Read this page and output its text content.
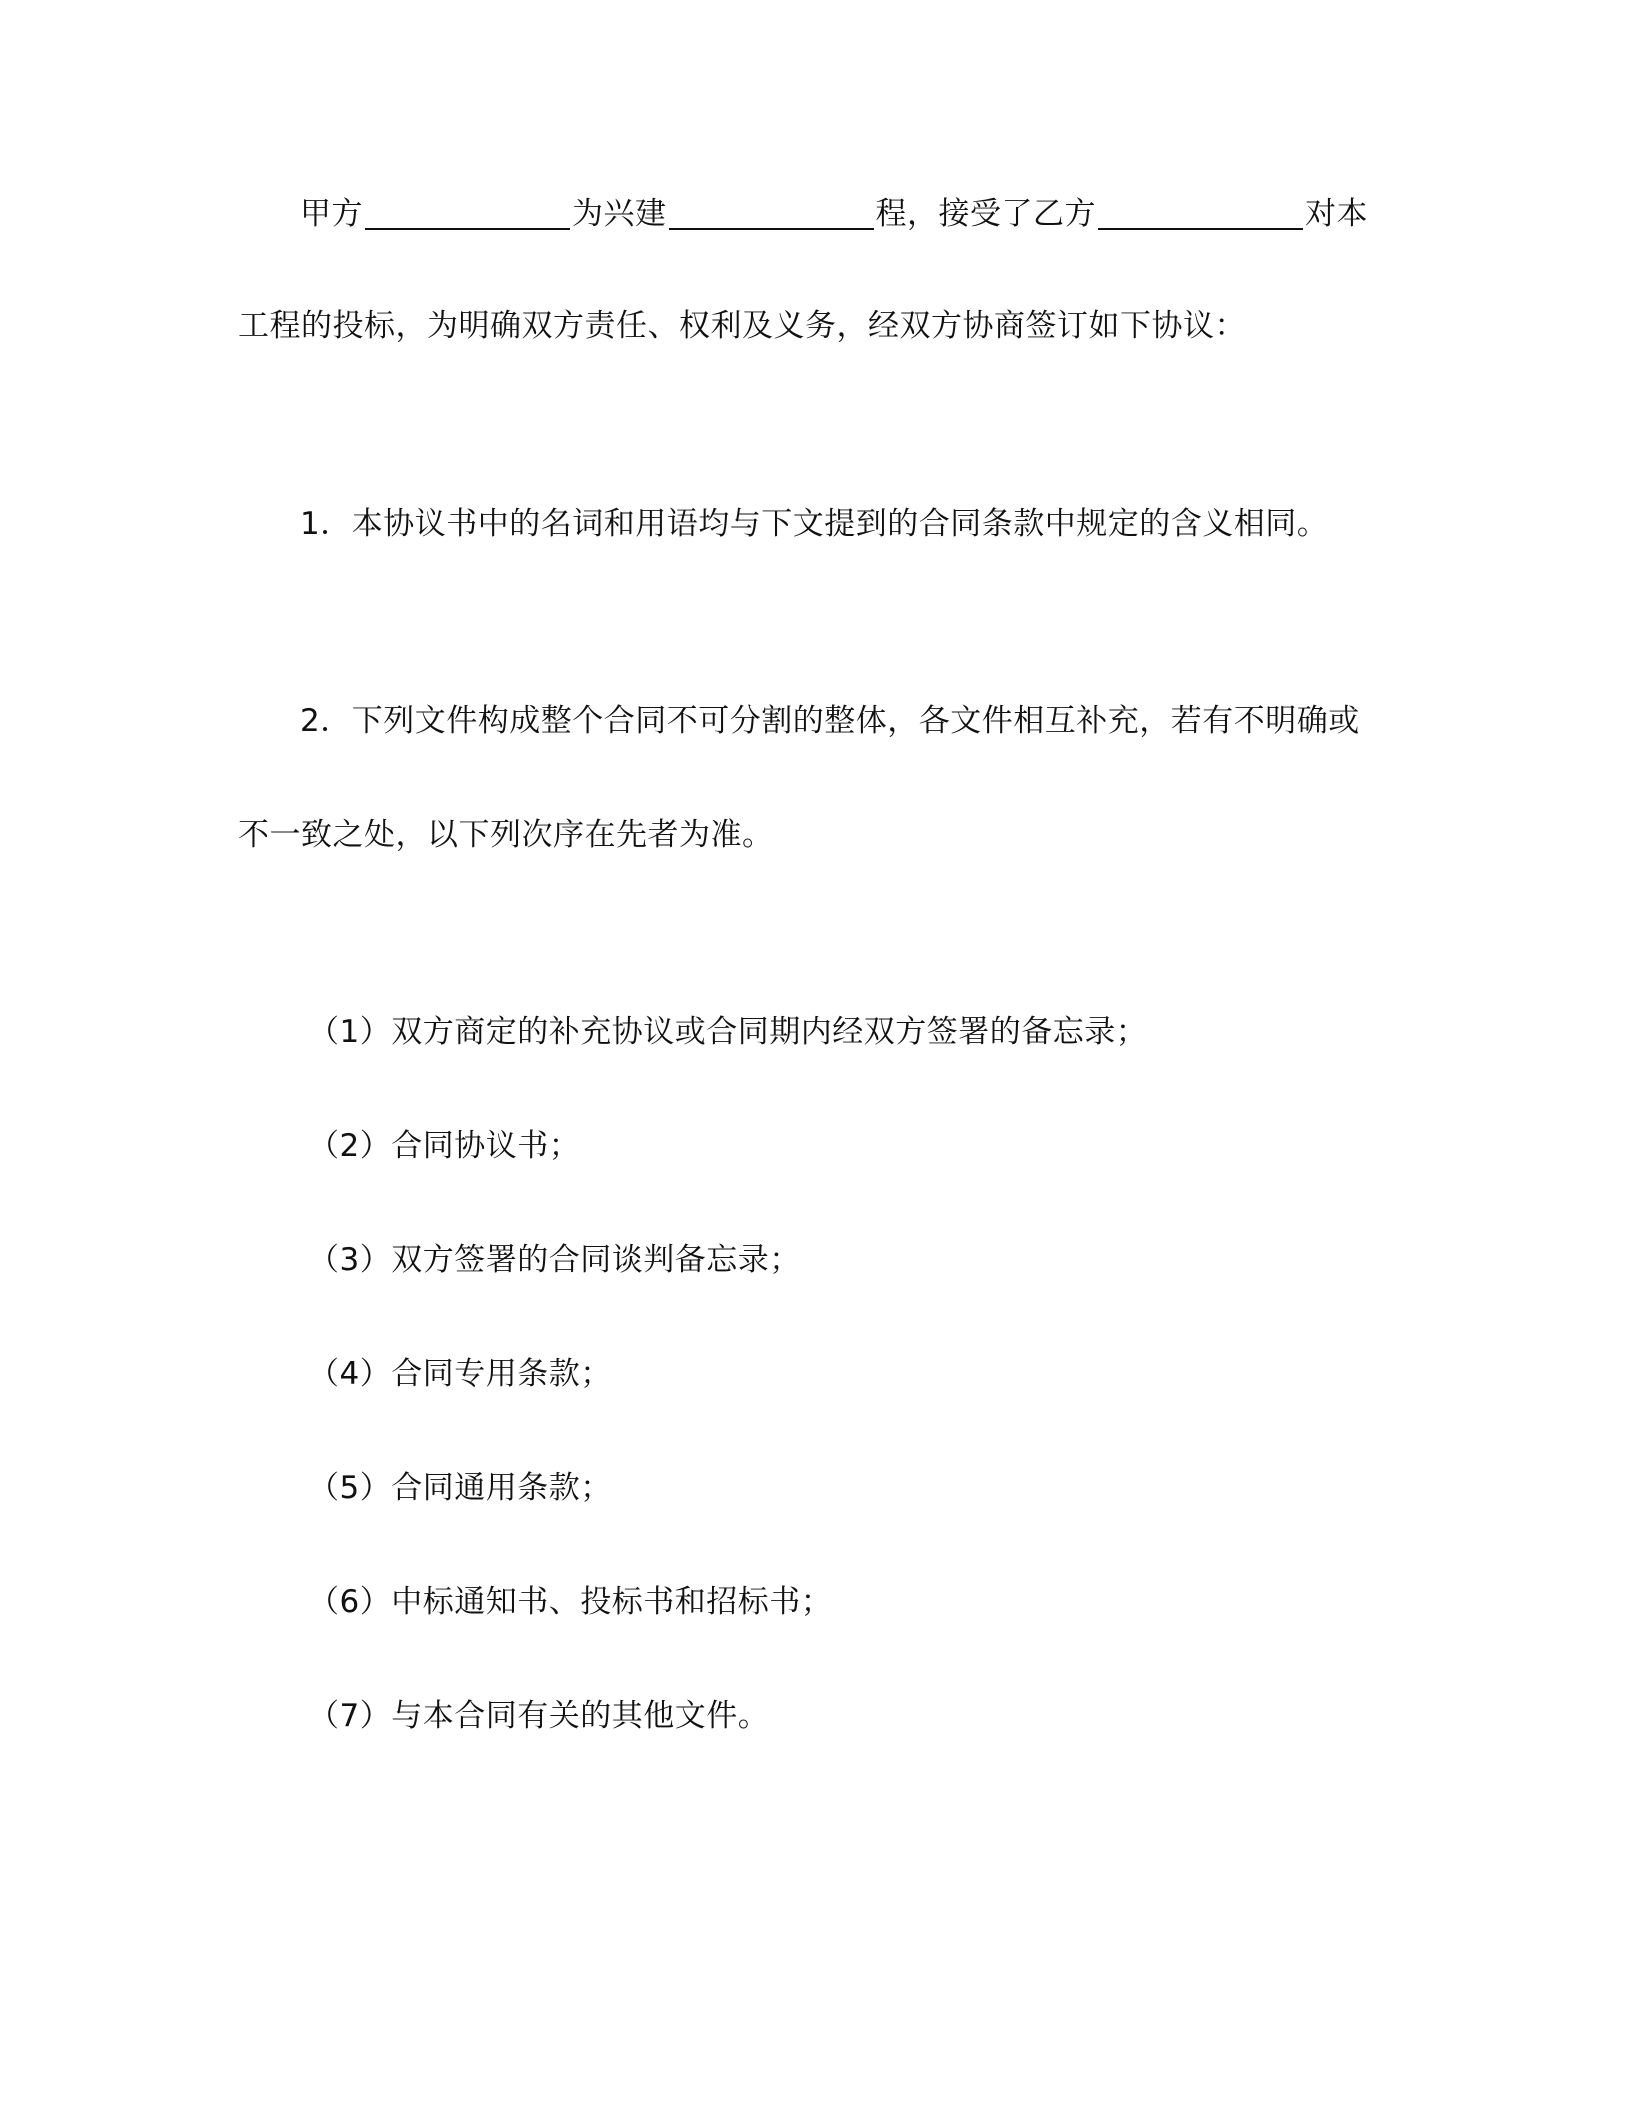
甲方	为兴建	程，接受了乙方	对本
工程的投标，为明确双方责任、权利及义务，经双方协商签订如下协议：
1．本协议书中的名词和用语均与下文提到的合同条款中规定的含义相同。
2．下列文件构成整个合同不可分割的整体，各文件相互补充，若有不明确或
不一致之处，以下列次序在先者为准。
（1）双方商定的补充协议或合同期内经双方签署的备忘录；
（2）合同协议书；
（3）双方签署的合同谈判备忘录；
（4）合同专用条款；
（5）合同通用条款；
（6）中标通知书、投标书和招标书；
（7）与本合同有关的其他文件。
